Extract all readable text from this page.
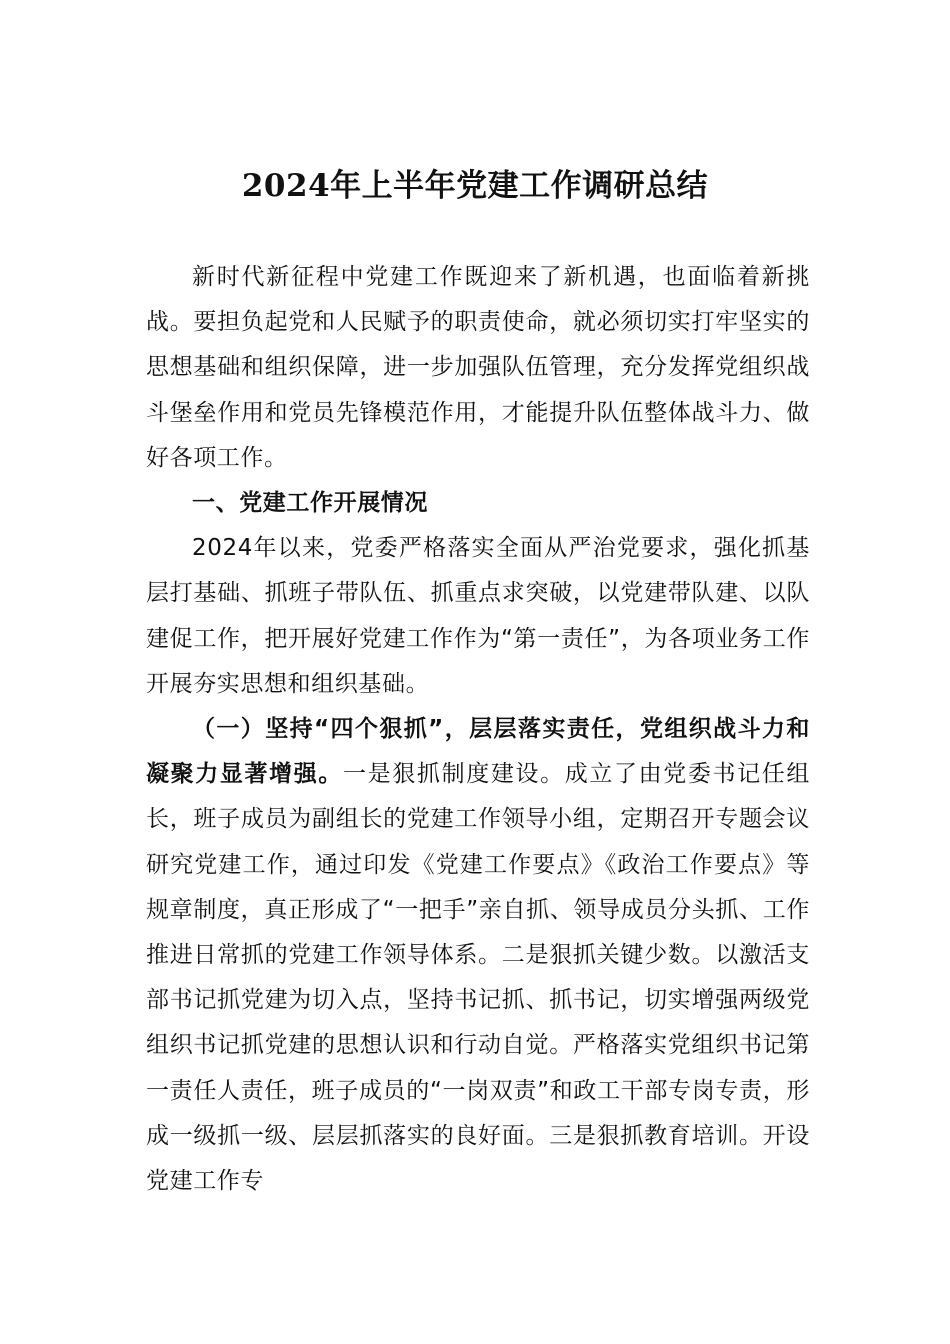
2024年上半年党建工作调研总结

新时代新征程中党建工作既迎来了新机遇，也面临着新挑战。要担负起党和人民赋予的职责使命，就必须切实打牢坚实的思想基础和组织保障，进一步加强队伍管理，充分发挥党组织战斗堡垒作用和党员先锋模范作用，才能提升队伍整体战斗力、做好各项工作。

一、党建工作开展情况

2024年以来，党委严格落实全面从严治党要求，强化抓基层打基础、抓班子带队伍、抓重点求突破，以党建带队建、以队建促工作，把开展好党建工作作为“第一责任”，为各项业务工作开展夯实思想和组织基础。

（一）坚持“四个狠抓”，层层落实责任，党组织战斗力和凝聚力显著增强。一是狠抓制度建设。成立了由党委书记任组长，班子成员为副组长的党建工作领导小组，定期召开专题会议研究党建工作，通过印发《党建工作要点》《政治工作要点》等规章制度，真正形成了“一把手”亲自抓、领导成员分头抓、工作推进日常抓的党建工作领导体系。二是狠抓关键少数。以激活支部书记抓党建为切入点，坚持书记抓、抓书记，切实增强两级党组织书记抓党建的思想认识和行动自觉。严格落实党组织书记第一责任人责任，班子成员的“一岗双责”和政工干部专岗专责，形成一级抓一级、层层抓落实的良好面。三是狠抓教育培训。开设党建工作专
